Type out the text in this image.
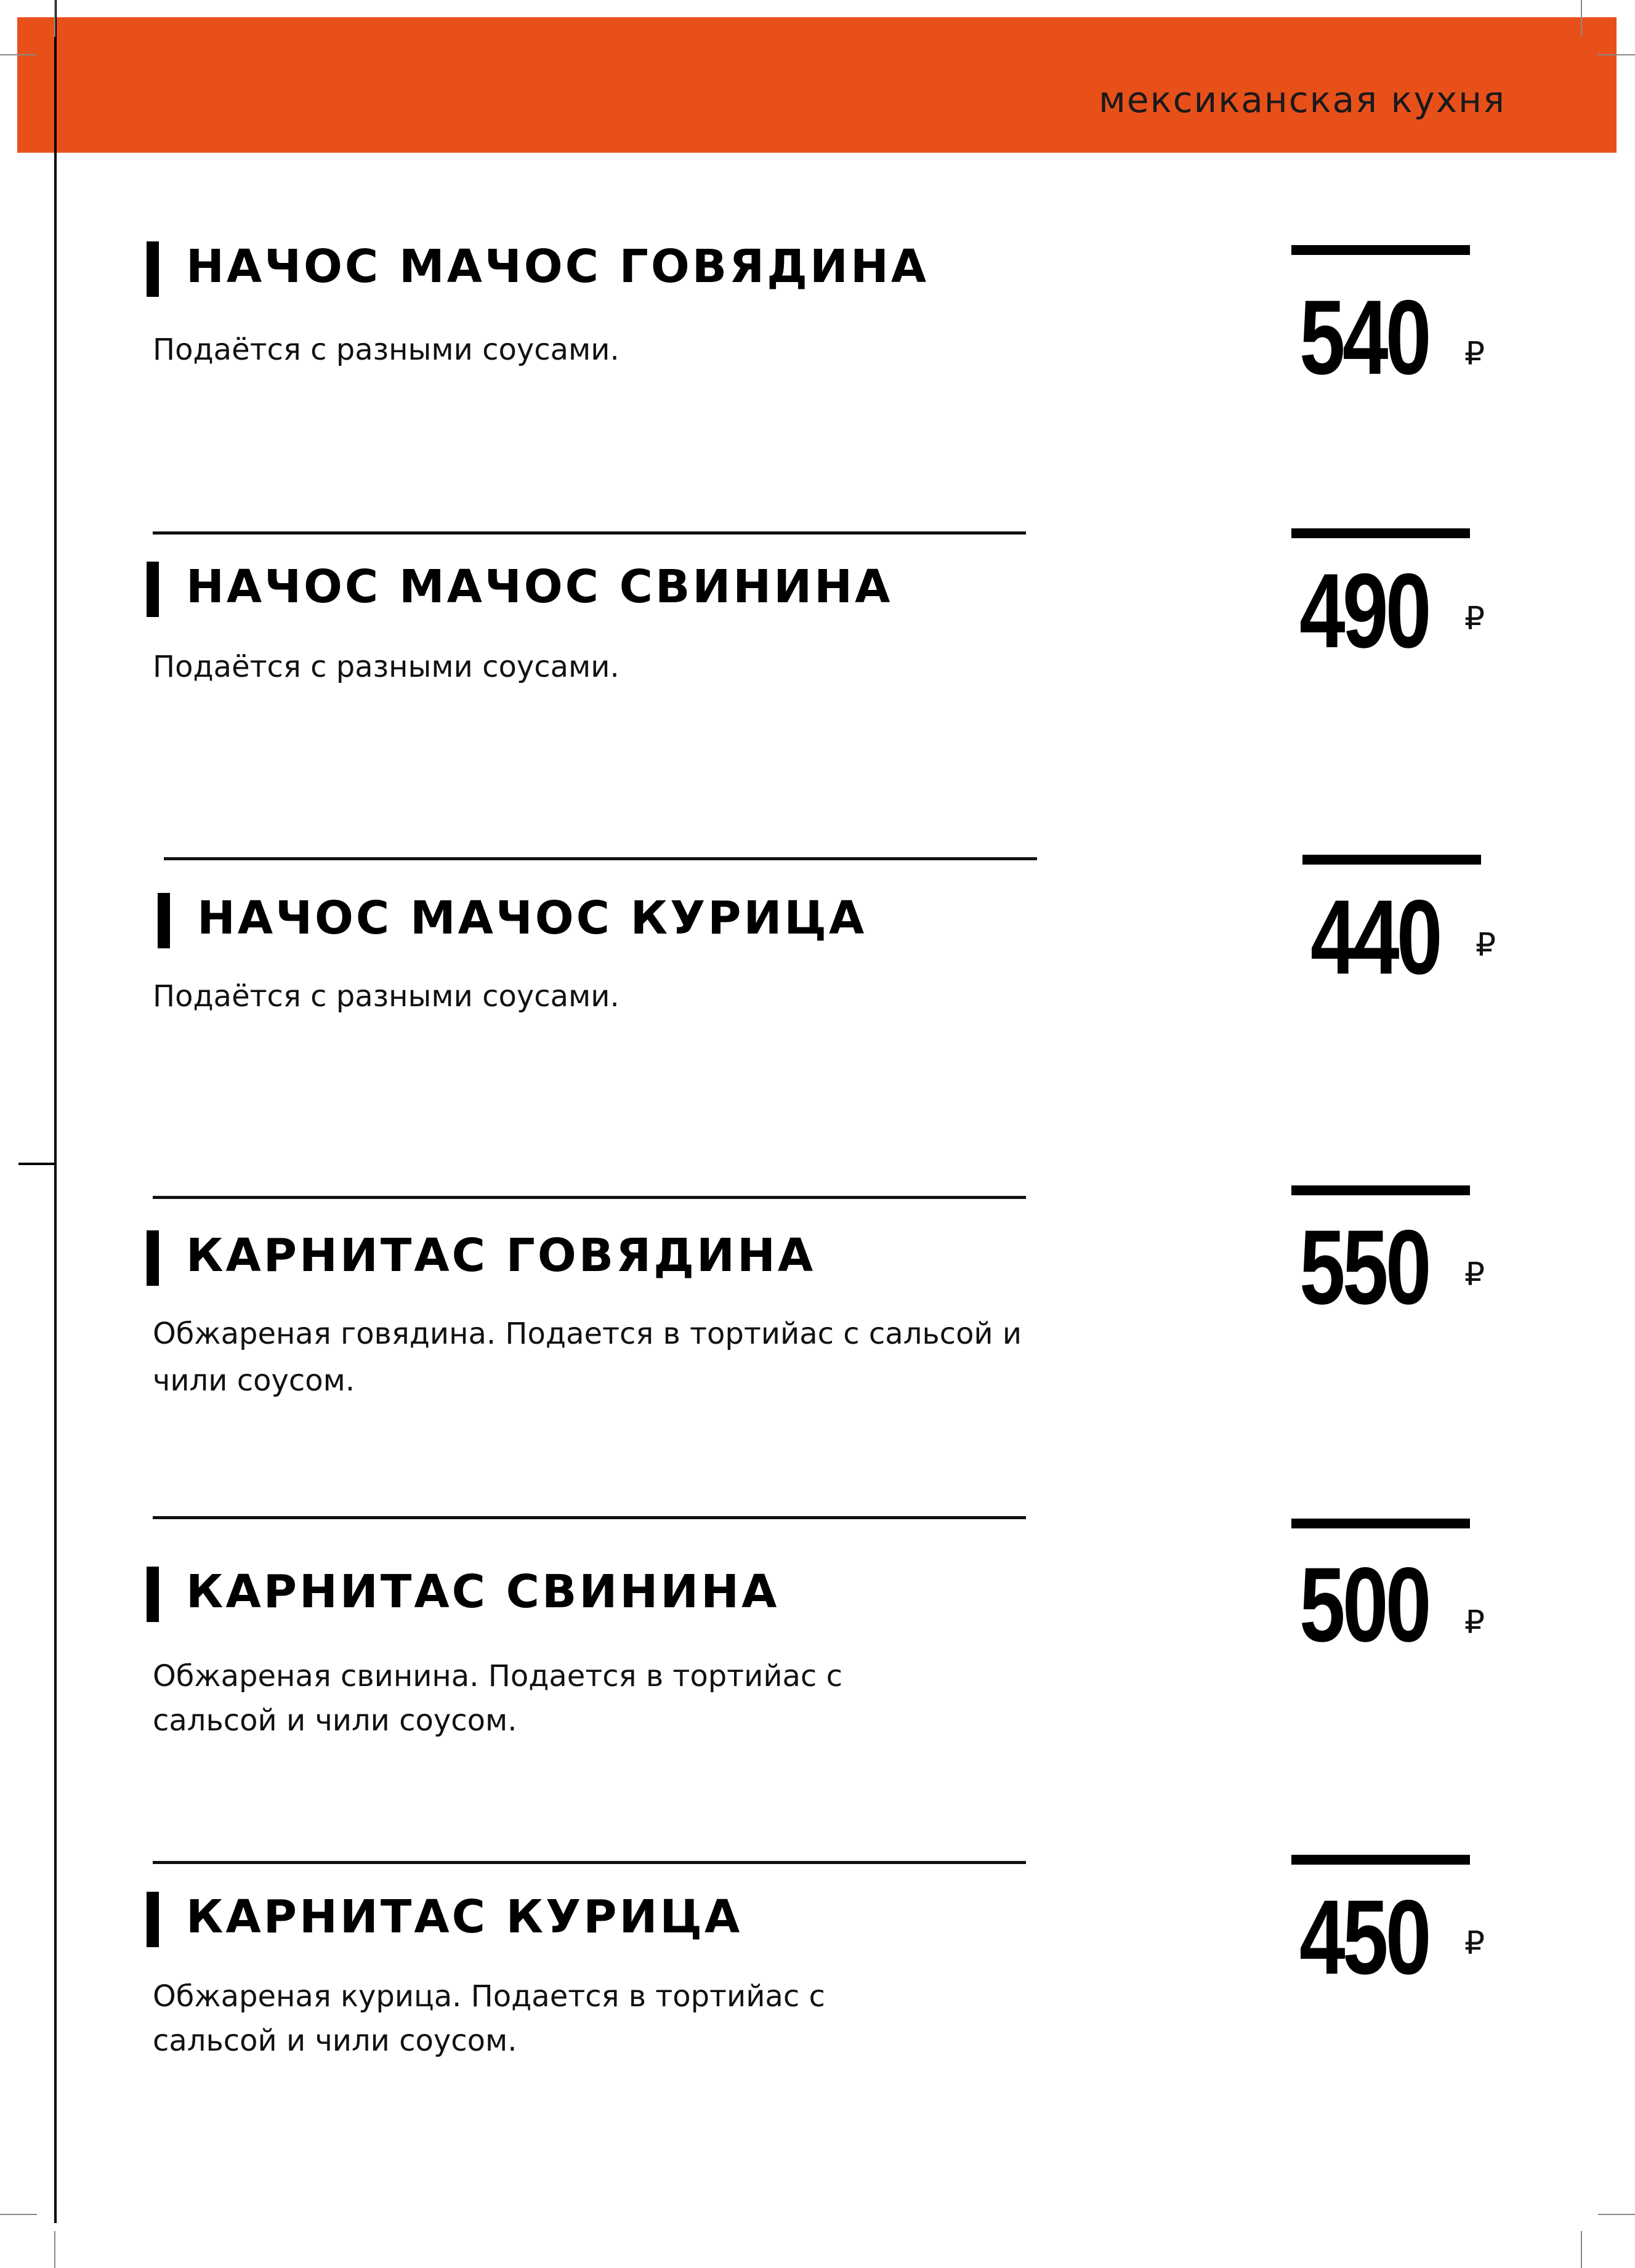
мексиканская кухня
НАЧОС МАЧОС ГОВЯДИНА
Подаётся с разными соусами.	540 ₽
НАЧОС МАЧОС СВИНИНА
Подаётся с разными соусами.	490 ₽
НАЧОС МАЧОС КУРИЦА
Подаётся с разными соусами.	440 ₽
КАРНИТАС ГОВЯДИНА
Обжареная говядина. Подается в тортийас с сальсой и чили соусом.
550 ₽
КАРНИТАС СВИНИНА
Обжареная свинина. Подается в тортийас с сальсой и чили соусом.
500 ₽
КАРНИТАС КУРИЦА
Обжареная курица. Подается в тортийас с сальсой и чили соусом.
450 ₽
